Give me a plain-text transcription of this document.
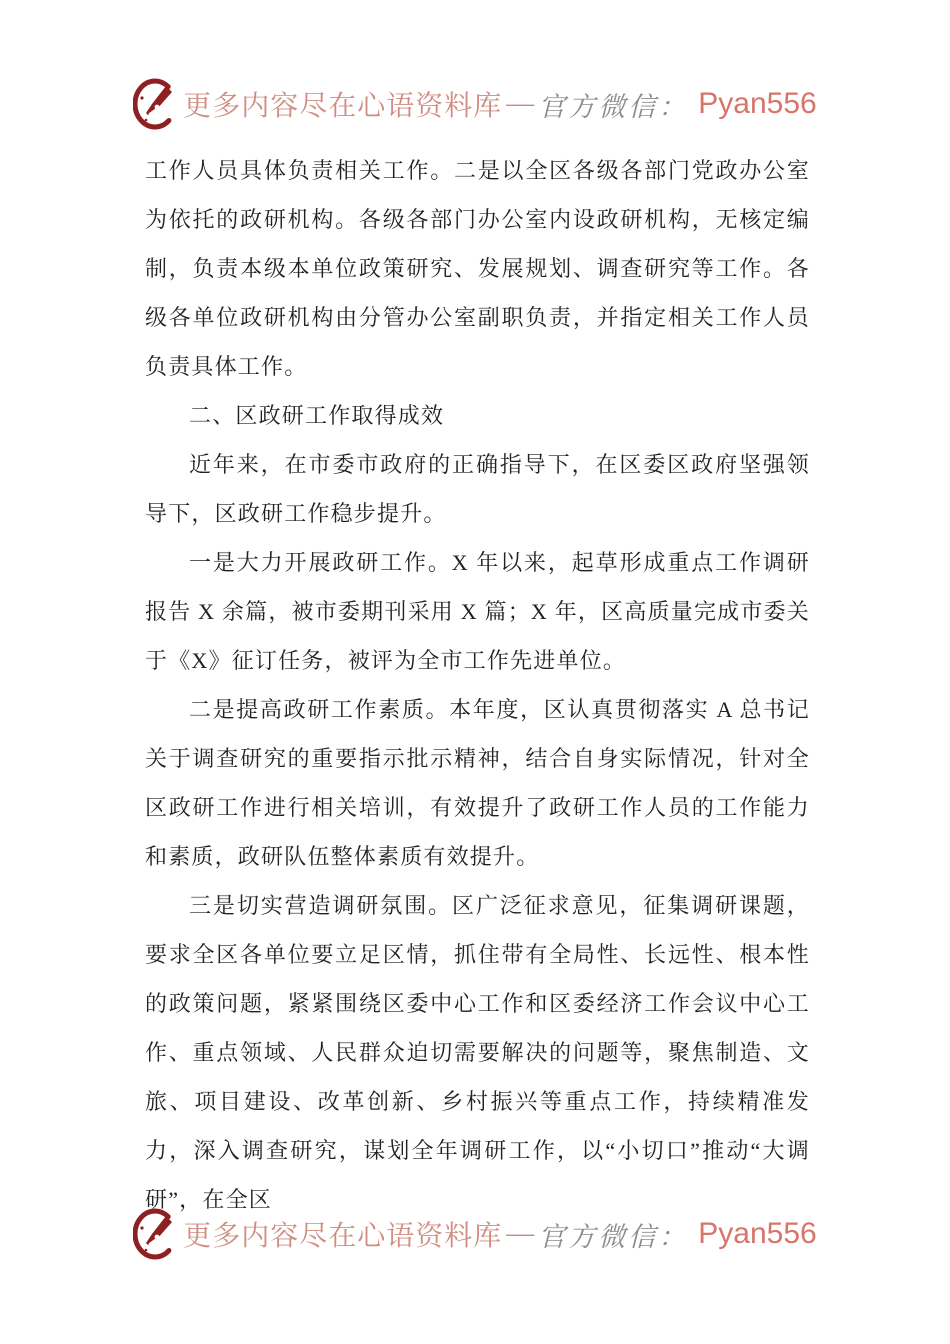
更多内容尽在心语资料库 — 官方微信： Pyan556

工作人员具体负责相关工作。二是以全区各级各部门党政办公室为依托的政研机构。各级各部门办公室内设政研机构，无核定编制，负责本级本单位政策研究、发展规划、调查研究等工作。各级各单位政研机构由分管办公室副职负责，并指定相关工作人员负责具体工作。

二、区政研工作取得成效

近年来，在市委市政府的正确指导下，在区委区政府坚强领导下，区政研工作稳步提升。

一是大力开展政研工作。X 年以来，起草形成重点工作调研报告 X 余篇，被市委期刊采用 X 篇；X 年，区高质量完成市委关于《X》征订任务，被评为全市工作先进单位。

二是提高政研工作素质。本年度，区认真贯彻落实 A 总书记关于调查研究的重要指示批示精神，结合自身实际情况，针对全区政研工作进行相关培训，有效提升了政研工作人员的工作能力和素质，政研队伍整体素质有效提升。

三是切实营造调研氛围。区广泛征求意见，征集调研课题，要求全区各单位要立足区情，抓住带有全局性、长远性、根本性的政策问题，紧紧围绕区委中心工作和区委经济工作会议中心工作、重点领域、人民群众迫切需要解决的问题等，聚焦制造、文旅、项目建设、改革创新、乡村振兴等重点工作，持续精准发力，深入调查研究，谋划全年调研工作，以“小切口”推动“大调研”，在全区

更多内容尽在心语资料库 — 官方微信： Pyan556
